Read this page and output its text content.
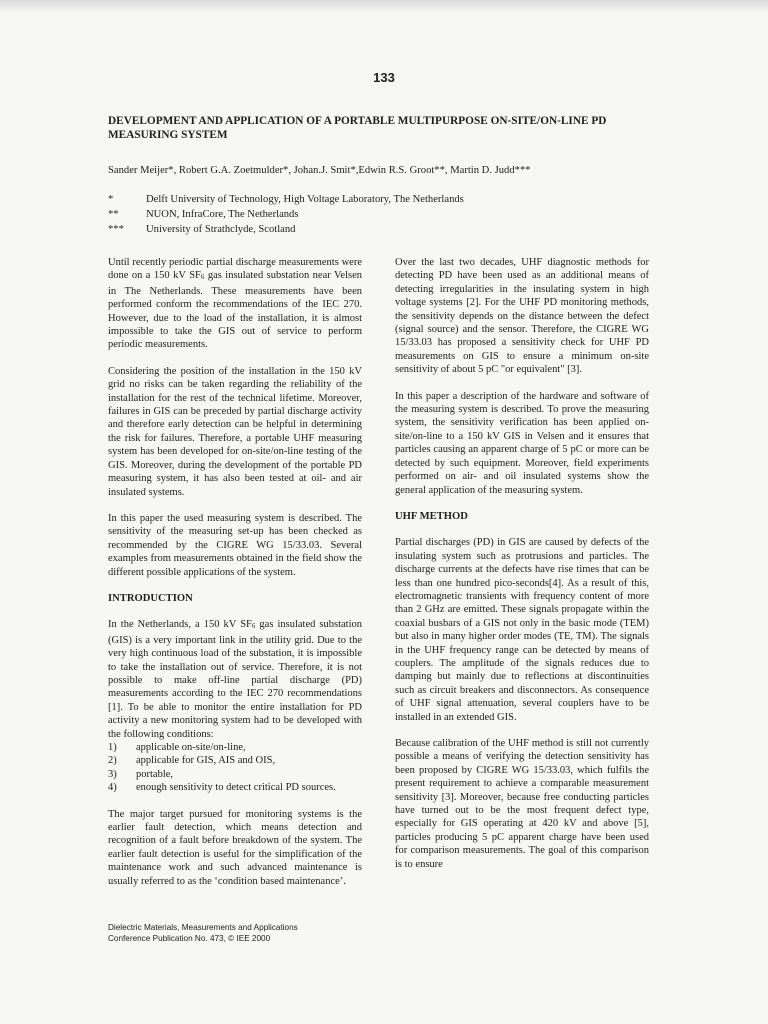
133
DEVELOPMENT AND APPLICATION OF A PORTABLE MULTIPURPOSE ON-SITE/ON-LINE PD MEASURING SYSTEM
Sander Meijer*, Robert G.A. Zoetmulder*, Johan.J. Smit*,Edwin R.S. Groot**, Martin D. Judd***
*	Delft University of Technology, High Voltage Laboratory, The Netherlands
**	NUON, InfraCore, The Netherlands
***	University of Strathclyde, Scotland

Until recently periodic partial discharge measurements were done on a 150 kV $SF_6$ gas insulated substation near Velsen in The Netherlands. These measurements have been performed conform the recommendations of the IEC 270. However, due to the load of the installation, it is almost impossible to take the GIS out of service to perform periodic measurements.

Considering the position of the installation in the 150 kV grid no risks can be taken regarding the reliability of the installation for the rest of the technical lifetime. Moreover, failures in GIS can be preceded by partial discharge activity and therefore early detection can be helpful in determining the risk for failures. Therefore, a portable UHF measuring system has been developed for on-site/on-line testing of the GIS. Moreover, during the development of the portable PD measuring system, it has also been tested at oil- and air insulated systems.

In this paper the used measuring system is described. The sensitivity of the measuring set-up has been checked as recommended by the CIGRE WG 15/33.03. Several examples from measurements obtained in the field show the different possible applications of the system.

INTRODUCTION

In the Netherlands, a 150 kV $SF_6$ gas insulated substation (GIS) is a very important link in the utility grid. Due to the very high continuous load of the substation, it is impossible to take the installation out of service. Therefore, it is not possible to make off-line partial discharge (PD) measurements according to the IEC 270 recommendations [1]. To be able to monitor the entire installation for PD activity a new monitoring system had to be developed with the following conditions:

1)	applicable on-site/on-line,
2)	applicable for GIS, AIS and OIS,
3)	portable,
4)	enough sensitivity to detect critical PD sources.

The major target pursued for monitoring systems is the earlier fault detection, which means detection and recognition of a fault before breakdown of the system. The earlier fault detection is useful for the simplification of the maintenance work and such advanced maintenance is usually referred to as the ‘condition based maintenance’.

Over the last two decades, UHF diagnostic methods for detecting PD have been used as an additional means of detecting irregularities in the insulating system in high voltage systems [2]. For the UHF PD monitoring methods, the sensitivity depends on the distance between the defect (signal source) and the sensor. Therefore, the CIGRE WG 15/33.03 has proposed a sensitivity check for UHF PD measurements on GIS to ensure a minimum on-site sensitivity of about 5 pC "or equivalent" [3].

In this paper a description of the hardware and software of the measuring system is described. To prove the measuring system, the sensitivity verification has been applied on-site/on-line to a 150 kV GIS in Velsen and it ensures that particles causing an apparent charge of 5 pC or more can be detected by such equipment. Moreover, field experiments performed on air- and oil insulated systems show the general application of the measuring system.

UHF METHOD

Partial discharges (PD) in GIS are caused by defects of the insulating system such as protrusions and particles. The discharge currents at the defects have rise times that can be less than one hundred pico-seconds[4]. As a result of this, electromagnetic transients with frequency content of more than 2 GHz are emitted. These signals propagate within the coaxial busbars of a GIS not only in the basic mode (TEM) but also in many higher order modes (TE, TM). The signals in the UHF frequency range can be detected by means of couplers. The amplitude of the signals reduces due to damping but mainly due to reflections at discontinuities such as circuit breakers and disconnectors. As consequence of UHF signal attenuation, several couplers have to be installed in an extended GIS.

Because calibration of the UHF method is still not currently possible a means of verifying the detection sensitivity has been proposed by CIGRE WG 15/33.03, which fulfils the present requirement to achieve a comparable measurement sensitivity [3]. Moreover, because free conducting particles have turned out to be the most frequent defect type, especially for GIS operating at 420 kV and above [5], particles producing 5 pC apparent charge have been used for comparison measurements. The goal of this comparison is to ensure

Dielectric Materials, Measurements and Applications
Conference Publication No. 473, © IEE 2000
